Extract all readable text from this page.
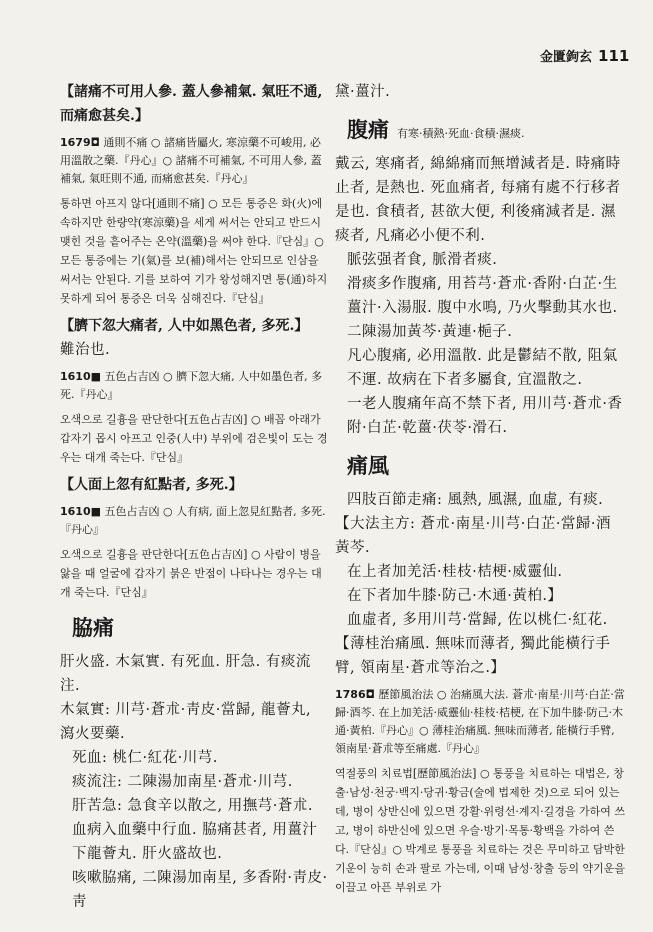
金匱鉤玄 111
【諸痛不可用人參. 蓋人參補氣. 氣旺不通, 而痛愈甚矣.】
1679◘ 通則不痛 ○ 諸痛皆屬火, 寒涼藥不可峻用, 必用溫散之藥.『丹心』○ 諸痛不可補氣, 不可用人參, 蓋補氣, 氣旺則不通, 而痛愈甚矣.『丹心』
통하면 아프지 않다[通則不痛] ○ 모든 통증은 화(火)에 속하지만 한량약(寒涼藥)을 세게 써서는 안되고 반드시 맺힌 것을 흩어주는 온약(溫藥)을 써야 한다.『단심』○ 모든 통증에는 기(氣)를 보(補)해서는 안되므로 인삼을 써서는 안된다. 기를 보하여 기가 왕성해지면 통(通)하지 못하게 되어 통증은 더욱 심해진다.『단심』
【臍下忽大痛者, 人中如黑色者, 多死.】
難治也.
1610■ 五色占吉凶 ○ 臍下忽大痛, 人中如墨色者, 多死.『丹心』
오색으로 길흉을 판단한다[五色占吉凶] ○ 배꼽 아래가 갑자기 몹시 아프고 인중(人中) 부위에 검은빛이 도는 경우는 대개 죽는다.『단심』
【人面上忽有紅點者, 多死.】
1610■ 五色占吉凶 ○ 人有病, 面上忽見紅點者, 多死.『丹心』
오색으로 길흉을 판단한다[五色占吉凶] ○ 사람이 병을 앓을 때 얼굴에 갑자기 붉은 반점이 나타나는 경우는 대개 죽는다.『단심』
脇痛
肝火盛. 木氣實. 有死血. 肝急. 有痰流注.
木氣實: 川芎·蒼朮·靑皮·當歸, 龍薈丸, 瀉火要藥.
死血: 桃仁·紅花·川芎.
痰流注: 二陳湯加南星·蒼朮·川芎.
肝苦急: 急食辛以散之, 用撫芎·蒼朮. 血病入血藥中行血. 脇痛甚者, 用薑汁下龍薈丸. 肝火盛故也.
咳嗽脇痛, 二陳湯加南星, 多香附·靑皮·靑
黛·薑汁.
腹痛 有寒·積熱·死血·食積·濕痰.
戴云, 寒痛者, 綿綿痛而無增減者是. 時痛時止者, 是熱也. 死血痛者, 每痛有處不行移者是也. 食積者, 甚欲大便, 利後痛減者是. 濕痰者, 凡痛必小便不利.
脈弦强者食, 脈滑者痰.
滑痰多作腹痛, 用苔芎·蒼朮·香附·白芷·生薑汁·入湯服. 腹中水鳴, 乃火擊動其水也. 二陳湯加黃芩·黃連·梔子.
凡心腹痛, 必用溫散. 此是鬱結不散, 阻氣不運. 故病在下者多屬食, 宜溫散之.
一老人腹痛年高不禁下者, 用川芎·蒼朮·香附·白芷·乾薑·茯苓·滑石.
痛風
四肢百節走痛: 風熱, 風濕, 血虛, 有痰.
【大法主方: 蒼朮·南星·川芎·白芷·當歸·酒黃芩.
在上者加羌活·桂枝·桔梗·威靈仙.
在下者加牛膝·防己·木通·黃柏.】
血虛者, 多用川芎·當歸, 佐以桃仁·紅花.
【薄桂治痛風. 無味而薄者, 獨此能橫行手臂, 領南星·蒼朮等治之.】
1786◘ 歷節風治法 ○ 治痛風大法. 蒼朮·南星·川芎·白芷·當歸·酒芩. 在上加羌活·威靈仙·桂枝·桔梗, 在下加牛膝·防己·木通·黃柏.『丹心』○ 薄桂治痛風. 無味而薄者, 能橫行手臂, 領南星·蒼朮等至痛處.『丹心』
역절풍의 치료법[歷節風治法] ○ 통풍을 치료하는 대법은, 창출·남성·천궁·백지·당귀·황금(술에 법제한 것)으로 되어 있는데, 병이 상반신에 있으면 강활·위령선·계지·길경을 가하여 쓰고, 병이 하반신에 있으면 우슬·방기·목통·황백을 가하여 쓴다.『단심』○ 박계로 통풍을 치료하는 것은 무미하고 담박한 기운이 능히 손과 팔로 가는데, 이때 남성·창출 등의 약기운을 이끌고 아픈 부위로 가
